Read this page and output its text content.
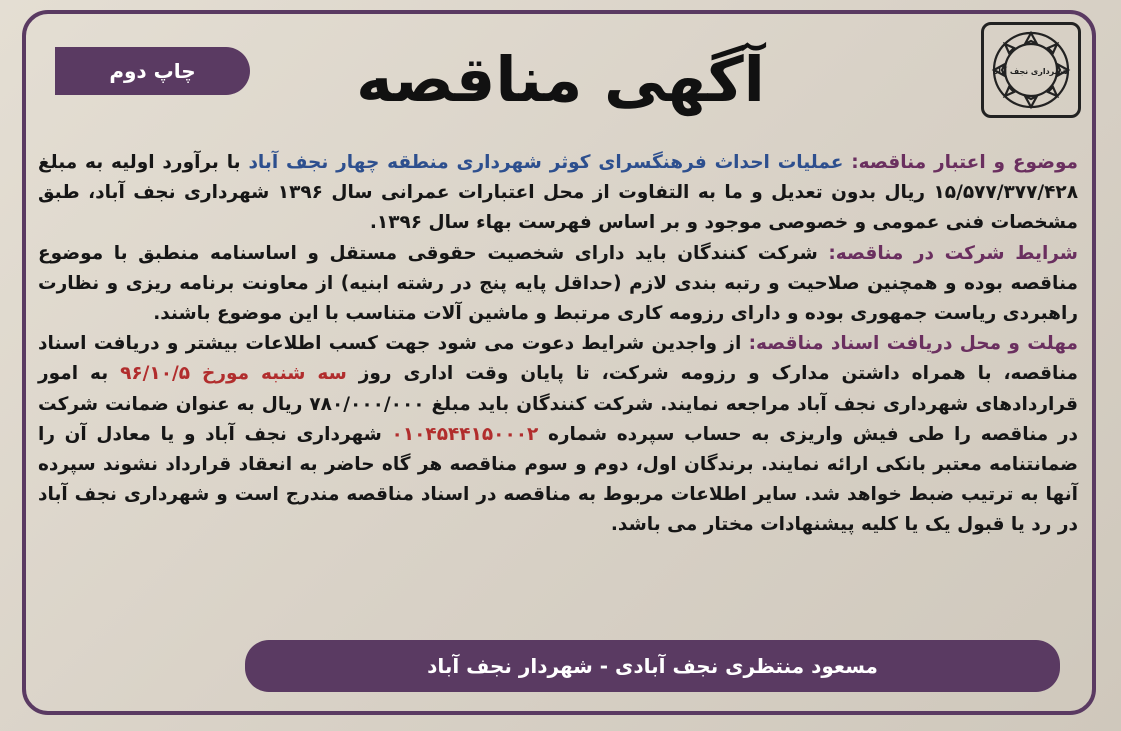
شهرداری نجف آباد
آگهی مناقصه
چاپ دوم

موضوع و اعتبار مناقصه: عملیات احداث فرهنگسرای کوثر شهرداری منطقه چهار نجف آباد با برآورد اولیه به مبلغ ۱۵/۵۷۷/۳۷۷/۴۲۸ ریال بدون تعدیل و ما به التفاوت از محل اعتبارات عمرانی سال ۱۳۹۶ شهرداری نجف آباد، طبق مشخصات فنی عمومی و خصوصی موجود و بر اساس فهرست بهاء سال ۱۳۹۶.

شرایط شرکت در مناقصه: شرکت کنندگان باید دارای شخصیت حقوقی مستقل و اساسنامه منطبق با موضوع مناقصه بوده و همچنین صلاحیت و رتبه بندی لازم (حداقل پایه پنج در رشته ابنیه) از معاونت برنامه ریزی و نظارت راهبردی ریاست جمهوری بوده و دارای رزومه کاری مرتبط و ماشین آلات متناسب با این موضوع باشند.

مهلت و محل دریافت اسناد مناقصه: از واجدین شرایط دعوت می شود جهت کسب اطلاعات بیشتر و دریافت اسناد مناقصه، با همراه داشتن مدارک و رزومه شرکت، تا پایان وقت اداری روز سه شنبه مورخ ۹۶/۱۰/۵ به امور قراردادهای شهرداری نجف آباد مراجعه نمایند. شرکت کنندگان باید مبلغ ۷۸۰/۰۰۰/۰۰۰ ریال به عنوان ضمانت شرکت در مناقصه را طی فیش واریزی به حساب سپرده شماره ۰۱۰۴۵۴۴۱۵۰۰۰۲ شهرداری نجف آباد و یا معادل آن را ضمانتنامه معتبر بانکی ارائه نمایند. برندگان اول، دوم و سوم مناقصه هر گاه حاضر به انعقاد قرارداد نشوند سپرده آنها به ترتیب ضبط خواهد شد. سایر اطلاعات مربوط به مناقصه در اسناد مناقصه مندرج است و شهرداری نجف آباد در رد یا قبول یک یا کلیه پیشنهادات مختار می باشد.

مسعود منتظری نجف آبادی - شهردار نجف آباد
